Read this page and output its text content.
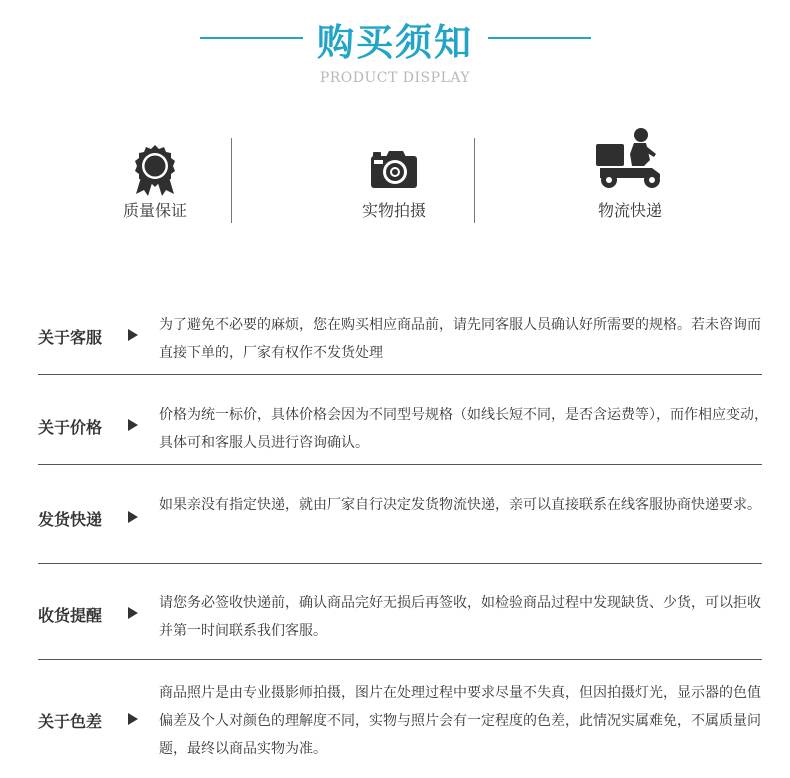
购买须知
PRODUCT DISPLAY
质量保证	实物拍摄	物流快递
关于客服
为了避免不必要的麻烦，您在购买相应商品前，请先同客服人员确认好所需要的规格。若未咨询而直接下单的，厂家有权作不发货处理
关于价格
价格为统一标价，具体价格会因为不同型号规格（如线长短不同，是否含运费等），而作相应变动，具体可和客服人员进行咨询确认。
发货快递
如果亲没有指定快递，就由厂家自行决定发货物流快递，亲可以直接联系在线客服协商快递要求。
收货提醒
请您务必签收快递前，确认商品完好无损后再签收，如检验商品过程中发现缺货、少货，可以拒收并第一时间联系我们客服。
关于色差
商品照片是由专业摄影师拍摄，图片在处理过程中要求尽量不失真，但因拍摄灯光，显示器的色值偏差及个人对颜色的理解度不同，实物与照片会有一定程度的色差，此情况实属难免，不属质量问题，最终以商品实物为准。
